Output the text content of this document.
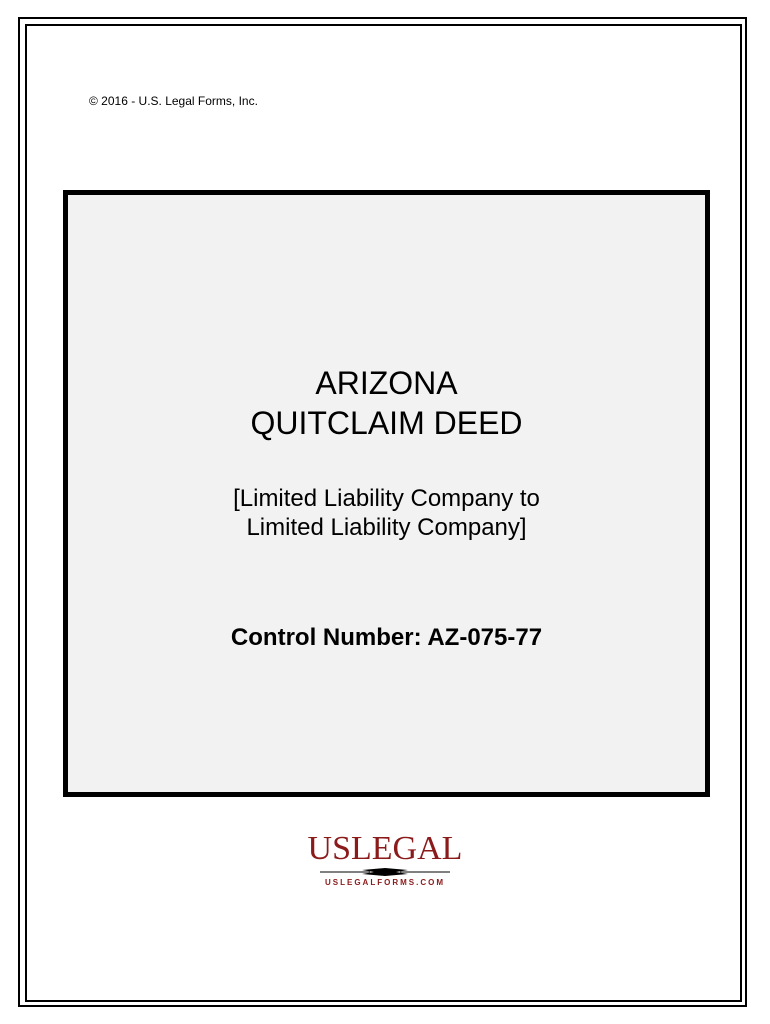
© 2016 - U.S. Legal Forms, Inc.
ARIZONA
QUITCLAIM DEED
[Limited Liability Company to
Limited Liability Company]
Control Number: AZ-075-77
USLEGAL
USLEGALFORMS.COM
